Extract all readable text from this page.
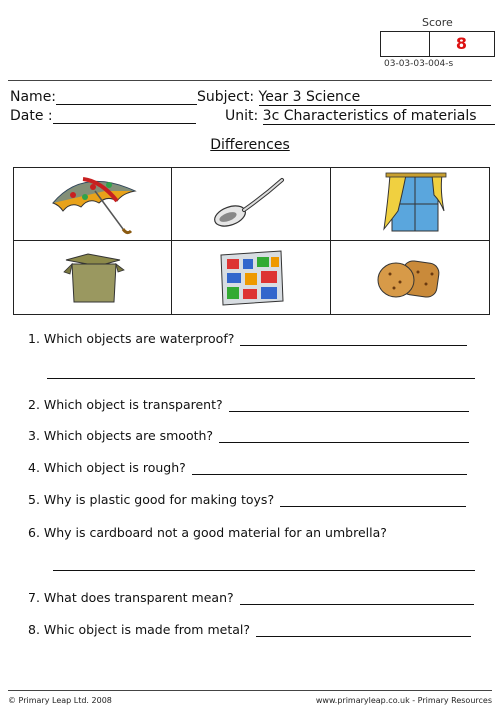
Score
8
03-03-03-004-s
Name:	Subject: Year 3 Science
Date :	Unit: 3c Characteristics of materials
Differences
1. Which objects are waterproof?
2. Which object is transparent?
3. Which objects are smooth?
4. Which object is rough?
5. Why is plastic good for making toys?
6. Why is cardboard not a good material for an umbrella?
7. What does transparent mean?
8. Whic object is made from metal?
© Primary Leap Ltd. 2008	www.primaryleap.co.uk - Primary Resources
